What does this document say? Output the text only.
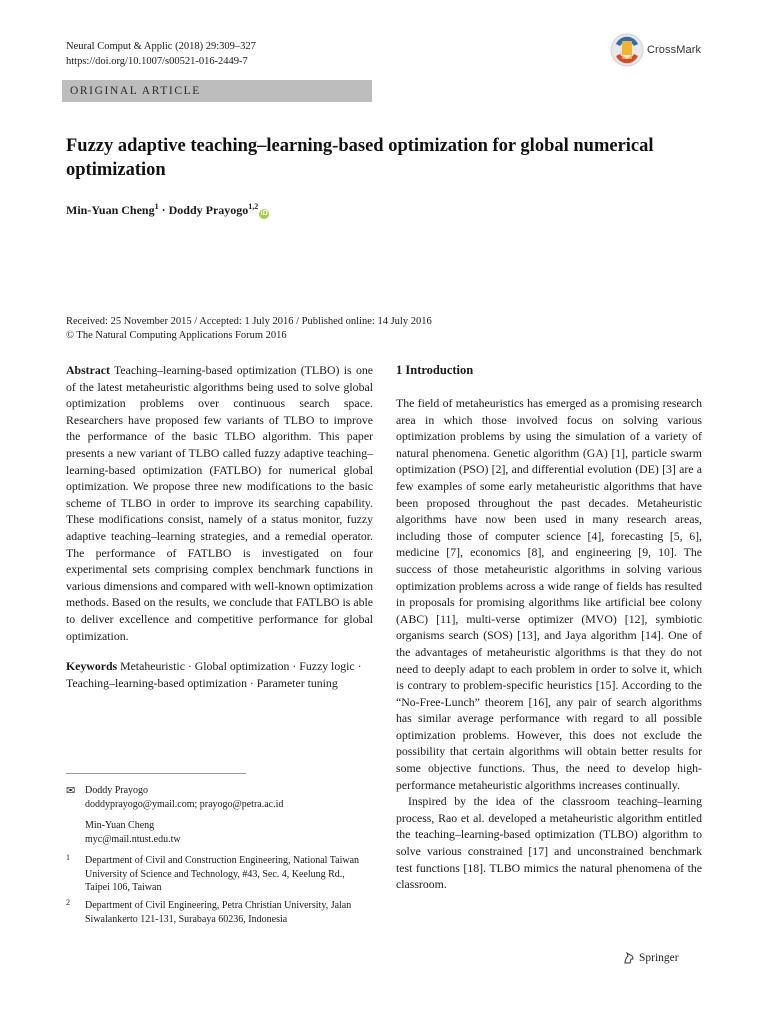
Neural Comput & Applic (2018) 29:309–327
https://doi.org/10.1007/s00521-016-2449-7
CrossMark
ORIGINAL ARTICLE
Fuzzy adaptive teaching–learning-based optimization for global numerical optimization
Min-Yuan Cheng$^1$ · Doddy Prayogo$^{1,2}$iD
Received: 25 November 2015 / Accepted: 1 July 2016 / Published online: 14 July 2016
© The Natural Computing Applications Forum 2016

Abstract Teaching–learning-based optimization (TLBO) is one of the latest metaheuristic algorithms being used to solve global optimization problems over continuous search space. Researchers have proposed few variants of TLBO to improve the performance of the basic TLBO algorithm. This paper presents a new variant of TLBO called fuzzy adaptive teaching–learning-based optimization (FATLBO) for numerical global optimization. We propose three new modifications to the basic scheme of TLBO in order to improve its searching capability. These modifications consist, namely of a status monitor, fuzzy adaptive teaching–learning strategies, and a remedial operator. The performance of FATLBO is investigated on four experimental sets comprising complex benchmark functions in various dimensions and compared with well-known optimization methods. Based on the results, we conclude that FATLBO is able to deliver excellence and competitive performance for global optimization.

Keywords Metaheuristic · Global optimization · Fuzzy logic · Teaching–learning-based optimization · Parameter tuning

✉ Doddy Prayogo
doddyprayogo@ymail.com; prayogo@petra.ac.id
Min-Yuan Cheng
myc@mail.ntust.edu.tw
1 Department of Civil and Construction Engineering, National Taiwan University of Science and Technology, #43, Sec. 4, Keelung Rd., Taipei 106, Taiwan
2 Department of Civil Engineering, Petra Christian University, Jalan Siwalankerto 121-131, Surabaya 60236, Indonesia
1 Introduction

The field of metaheuristics has emerged as a promising research area in which those involved focus on solving various optimization problems by using the simulation of a variety of natural phenomena. Genetic algorithm (GA) [1], particle swarm optimization (PSO) [2], and differential evolution (DE) [3] are a few examples of some early metaheuristic algorithms that have been proposed throughout the past decades. Metaheuristic algorithms have now been used in many research areas, including those of computer science [4], forecasting [5, 6], medicine [7], economics [8], and engineering [9, 10]. The success of those metaheuristic algorithms in solving various optimization problems across a wide range of fields has resulted in proposals for promising algorithms like artificial bee colony (ABC) [11], multi-verse optimizer (MVO) [12], symbiotic organisms search (SOS) [13], and Jaya algorithm [14]. One of the advantages of metaheuristic algorithms is that they do not need to deeply adapt to each problem in order to solve it, which is contrary to problem-specific heuristics [15]. According to the “No-Free-Lunch” theorem [16], any pair of search algorithms has similar average performance with regard to all possible optimization problems. However, this does not exclude the possibility that certain algorithms will obtain better results for some objective functions. Thus, the need to develop high-performance metaheuristic algorithms increases continually.

Inspired by the idea of the classroom teaching–learning process, Rao et al. developed a metaheuristic algorithm entitled the teaching–learning-based optimization (TLBO) algorithm to solve various constrained [17] and unconstrained benchmark test functions [18]. TLBO mimics the natural phenomena of the classroom.

Springer
